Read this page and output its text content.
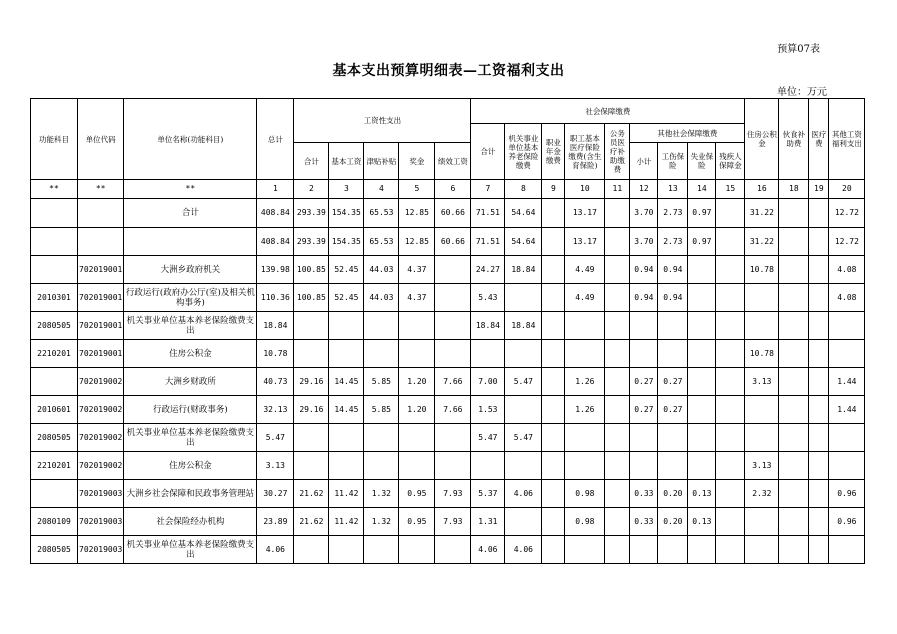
预算07表
基本支出预算明细表—工资福利支出
单位：万元
功能科目	单位代码	单位名称(功能科目)	总计	工资性支出					社会保障缴费									住房公积金	伙食补助费	医疗费	其他工资福利支出
									合计	机关事业单位基本养老保险缴费	职业年金缴费	职工基本医疗保险缴费(含生育保险)	公务员医疗补助缴费	其他社会保障缴费							
				合计	基本工资	津贴补贴	奖金	绩效工资						小计	工伤保险	失业保险	残疾人保障金				
**	**	**	1	2	3	4	5	6	7	8	9	10	11	12	13	14	15	16	18	19	20
		合计	408.84	293.39	154.35	65.53	12.85	60.66	71.51	54.64		13.17		3.70	2.73	0.97		31.22			12.72
			408.84	293.39	154.35	65.53	12.85	60.66	71.51	54.64		13.17		3.70	2.73	0.97		31.22			12.72
	702019001	大洲乡政府机关	139.98	100.85	52.45	44.03	4.37		24.27	18.84		4.49		0.94	0.94			10.78			4.08
2010301	702019001	行政运行(政府办公厅(室)及相关机构事务)	110.36	100.85	52.45	44.03	4.37		5.43			4.49		0.94	0.94						4.08
2080505	702019001	机关事业单位基本养老保险缴费支出	18.84						18.84	18.84											
2210201	702019001	住房公积金	10.78															10.78			
	702019002	大洲乡财政所	40.73	29.16	14.45	5.85	1.20	7.66	7.00	5.47		1.26		0.27	0.27			3.13			1.44
2010601	702019002	行政运行(财政事务)	32.13	29.16	14.45	5.85	1.20	7.66	1.53			1.26		0.27	0.27						1.44
2080505	702019002	机关事业单位基本养老保险缴费支出	5.47						5.47	5.47											
2210201	702019002	住房公积金	3.13															3.13			
	702019003	大洲乡社会保障和民政事务管理站	30.27	21.62	11.42	1.32	0.95	7.93	5.37	4.06		0.98		0.33	0.20	0.13		2.32			0.96
2080109	702019003	社会保险经办机构	23.89	21.62	11.42	1.32	0.95	7.93	1.31			0.98		0.33	0.20	0.13					0.96
2080505	702019003	机关事业单位基本养老保险缴费支出	4.06						4.06	4.06											
